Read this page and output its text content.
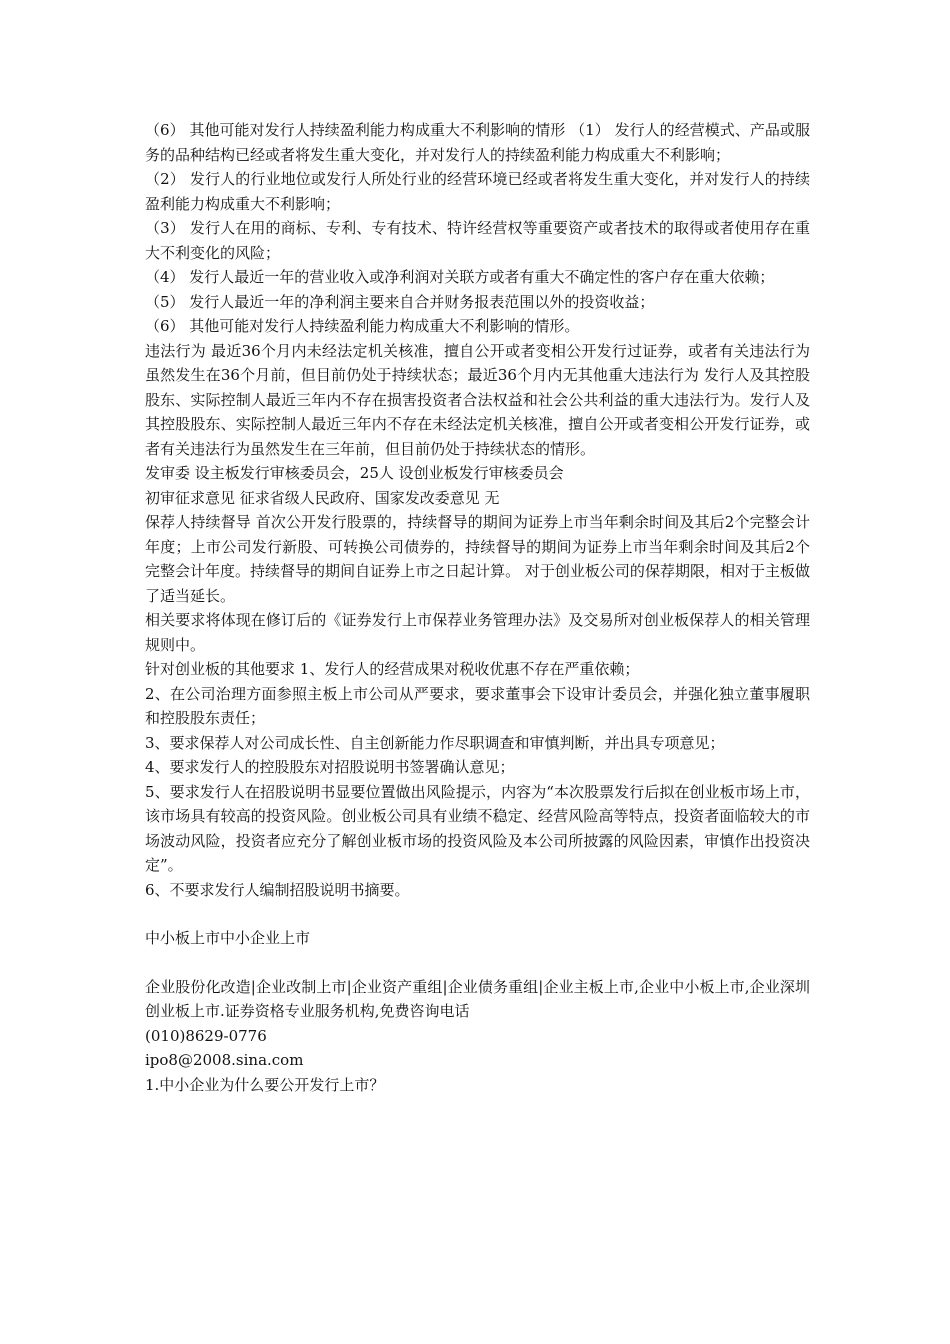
（6） 其他可能对发行人持续盈利能力构成重大不利影响的情形 （1） 发行人的经营模式、产品或服务的品种结构已经或者将发生重大变化，并对发行人的持续盈利能力构成重大不利影响；

（2） 发行人的行业地位或发行人所处行业的经营环境已经或者将发生重大变化，并对发行人的持续盈利能力构成重大不利影响；

（3） 发行人在用的商标、专利、专有技术、特许经营权等重要资产或者技术的取得或者使用存在重大不利变化的风险；

（4） 发行人最近一年的营业收入或净利润对关联方或者有重大不确定性的客户存在重大依赖；

（5） 发行人最近一年的净利润主要来自合并财务报表范围以外的投资收益；

（6） 其他可能对发行人持续盈利能力构成重大不利影响的情形。

违法行为 最近36个月内未经法定机关核准，擅自公开或者变相公开发行过证券，或者有关违法行为虽然发生在36个月前，但目前仍处于持续状态；最近36个月内无其他重大违法行为 发行人及其控股股东、实际控制人最近三年内不存在损害投资者合法权益和社会公共利益的重大违法行为。发行人及其控股股东、实际控制人最近三年内不存在未经法定机关核准，擅自公开或者变相公开发行证券，或者有关违法行为虽然发生在三年前，但目前仍处于持续状态的情形。

发审委 设主板发行审核委员会，25人 设创业板发行审核委员会

初审征求意见 征求省级人民政府、国家发改委意见 无

保荐人持续督导 首次公开发行股票的，持续督导的期间为证券上市当年剩余时间及其后2个完整会计年度；上市公司发行新股、可转换公司债券的，持续督导的期间为证券上市当年剩余时间及其后2个完整会计年度。持续督导的期间自证券上市之日起计算。 对于创业板公司的保荐期限，相对于主板做了适当延长。

相关要求将体现在修订后的《证券发行上市保荐业务管理办法》及交易所对创业板保荐人的相关管理规则中。

针对创业板的其他要求 1、发行人的经营成果对税收优惠不存在严重依赖；

2、在公司治理方面参照主板上市公司从严要求，要求董事会下设审计委员会，并强化独立董事履职和控股股东责任；

3、要求保荐人对公司成长性、自主创新能力作尽职调查和审慎判断，并出具专项意见；

4、要求发行人的控股股东对招股说明书签署确认意见；

5、要求发行人在招股说明书显要位置做出风险提示，内容为“本次股票发行后拟在创业板市场上市，该市场具有较高的投资风险。创业板公司具有业绩不稳定、经营风险高等特点，投资者面临较大的市场波动风险，投资者应充分了解创业板市场的投资风险及本公司所披露的风险因素，审慎作出投资决定”。

6、不要求发行人编制招股说明书摘要。

中小板上市中小企业上市

企业股份化改造|企业改制上市|企业资产重组|企业债务重组|企业主板上市,企业中小板上市,企业深圳创业板上市.证券资格专业服务机构,免费咨询电话

(010)8629-0776

ipo8@2008.sina.com

1.中小企业为什么要公开发行上市？
